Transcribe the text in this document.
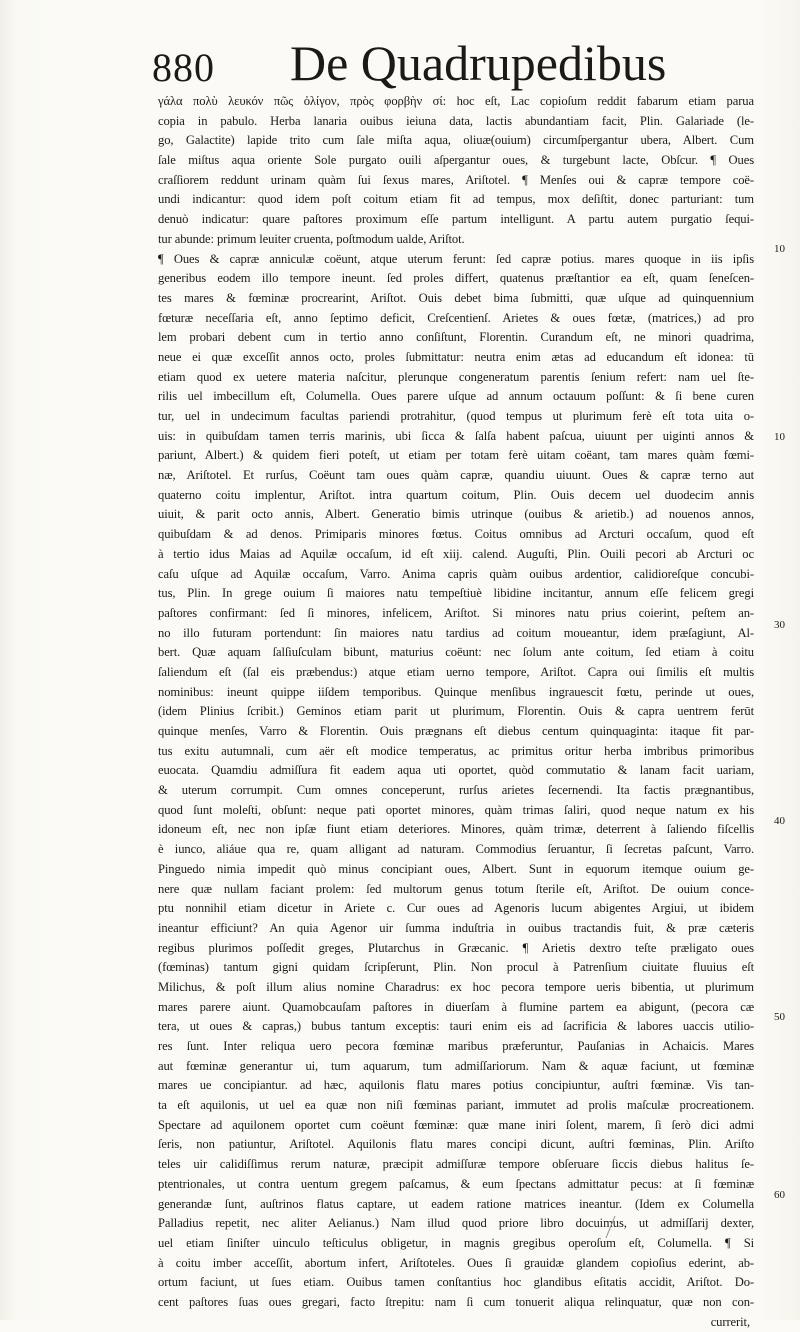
880 De Quadrupedibus
γάλα πολὺ λευκόν πῶς ὀλίγον, πρὸς φορβὴν σί: hoc eſt, Lac copioſum reddit fabarum etiam parua
copia in pabulo. Herba lanaria ouibus ieiuna data, lactis abundantiam facit, Plin. Galariade (le-
go, Galactite) lapide trito cum ſale miſta aqua, oliuæ(ouium) circumſpergantur ubera, Albert. Cum
ſale miſtus aqua oriente Sole purgato ouili aſpergantur oues, & turgebunt lacte, Obſcur. ¶ Oues
craſſiorem reddunt urinam quàm ſui ſexus mares, Ariſtotel. ¶ Menſes oui & capræ tempore coë-
undi indicantur: quod idem poſt coitum etiam fit ad tempus, mox deſiſtit, donec parturiant: tum
denuò indicatur: quare paſtores proximum eſſe partum intelligunt. A partu autem purgatio ſequi-
tur abunde: primum leuiter cruenta, poſtmodum ualde, Ariſtot.
¶ Oues & capræ anniculæ coëunt, atque uterum ferunt: ſed capræ potius. mares quoque in iis ipſis
generibus eodem illo tempore ineunt. ſed proles differt, quatenus præſtantior ea eſt, quam ſeneſcen-
tes mares & fœminæ procrearint, Ariſtot. Ouis debet bima ſubmitti, quæ uſque ad quinquennium
fœturæ neceſſaria eſt, anno ſeptimo deficit, Creſcentienſ. Arietes & oues fœtæ, (matrices,) ad pro
lem probari debent cum in tertio anno conſiſtunt, Florentin. Curandum eſt, ne minori quadrima,
neue ei quæ exceſſit annos octo, proles ſubmittatur: neutra enim ætas ad educandum eſt idonea: tū
etiam quod ex uetere materia naſcitur, plerunque congeneratum parentis ſenium refert: nam uel ſte-
rilis uel imbecillum eſt, Columella. Oues parere uſque ad annum octauum poſſunt: & ſi bene curen
tur, uel in undecimum facultas pariendi protrahitur, (quod tempus ut plurimum ferè eſt tota uita o-
uis: in quibuſdam tamen terris marinis, ubi ſicca & ſalſa habent paſcua, uiuunt per uiginti annos &
pariunt, Albert.) & quidem fieri poteſt, ut etiam per totam ferè uitam coëant, tam mares quàm fœmi-
næ, Ariſtotel. Et rurſus, Coëunt tam oues quàm capræ, quandiu uiuunt. Oues & capræ terno aut
quaterno coitu implentur, Ariſtot. intra quartum coitum, Plin. Ouis decem uel duodecim annis
uiuit, & parit octo annis, Albert. Generatio bimis utrinque (ouibus & arietib.) ad nouenos annos,
quibuſdam & ad denos. Primiparis minores fœtus. Coitus omnibus ad Arcturi occaſum, quod eſt
à tertio idus Maias ad Aquilæ occaſum, id eſt xiij. calend. Auguſti, Plin. Ouili pecori ab Arcturi oc
caſu uſque ad Aquilæ occaſum, Varro. Anima capris quàm ouibus ardentior, calidioreſque concubi-
tus, Plin. In grege ouium ſi maiores natu tempeſtiuè libidine incitantur, annum eſſe felicem gregi
paſtores confirmant: ſed ſi minores, infelicem, Ariſtot. Si minores natu prius coierint, peſtem an-
no illo futuram portendunt: ſin maiores natu tardius ad coitum moueantur, idem præſagiunt, Al-
bert. Quæ aquam ſalſiuſculam bibunt, maturius coëunt: nec ſolum ante coitum, ſed etiam à coitu
ſaliendum eſt (ſal eis præbendus:) atque etiam uerno tempore, Ariſtot. Capra oui ſimilis eſt multis
nominibus: ineunt quippe iiſdem temporibus. Quinque menſibus ingrauescit fœtu, perinde ut oues,
(idem Plinius ſcribit.) Geminos etiam parit ut plurimum, Florentin. Ouis & capra uentrem ferūt
quinque menſes, Varro & Florentin. Ouis prægnans eſt diebus centum quinquaginta: itaque fit par-
tus exitu autumnali, cum aër eſt modice temperatus, ac primitus oritur herba imbribus primoribus
euocata. Quamdiu admiſſura fit eadem aqua uti oportet, quòd commutatio & lanam facit uariam,
& uterum corrumpit. Cum omnes conceperunt, rurſus arietes ſecernendi. Ita factis prægnantibus,
quod ſunt moleſti, obſunt: neque pati oportet minores, quàm trimas ſaliri, quod neque natum ex his
idoneum eſt, nec non ipſæ fiunt etiam deteriores. Minores, quàm trimæ, deterrent à ſaliendo fiſcellis
è iunco, aliáue qua re, quam alligant ad naturam. Commodius ſeruantur, ſi ſecretas paſcunt, Varro.
Pinguedo nimia impedit quò minus concipiant oues, Albert. Sunt in equorum itemque ouium ge-
nere quæ nullam faciant prolem: ſed multorum genus totum ſterile eſt, Ariſtot. De ouium conce-
ptu nonnihil etiam dicetur in Ariete c. Cur oues ad Agenoris lucum abigentes Argiui, ut ibidem
ineantur efficiunt? An quia Agenor uir ſumma induſtria in ouibus tractandis fuit, & præ cæteris
regibus plurimos poſſedit greges, Plutarchus in Græcanic. ¶ Arietis dextro teſte præligato oues
(fœminas) tantum gigni quidam ſcripſerunt, Plin. Non procul à Patrenſium ciuitate fluuius eſt
Milichus, & poſt illum alius nomine Charadrus: ex hoc pecora tempore ueris bibentia, ut plurimum
mares parere aiunt. Quamobcauſam paſtores in diuerſam à flumine partem ea abigunt, (pecora cæ
tera, ut oues & capras,) bubus tantum exceptis: tauri enim eis ad ſacrificia & labores uaccis utilio-
res ſunt. Inter reliqua uero pecora fœminæ maribus præferuntur, Pauſanias in Achaicis. Mares
aut fœminæ generantur ui, tum aquarum, tum admiſſariorum. Nam & aquæ faciunt, ut fœminæ
mares ue concipiantur. ad hæc, aquilonis flatu mares potius concipiuntur, auſtri fœminæ. Vis tan-
ta eſt aquilonis, ut uel ea quæ non niſi fœminas pariant, immutet ad prolis maſculæ procreationem.
Spectare ad aquilonem oportet cum coëunt fœminæ: quæ mane iniri ſolent, marem, ſi ſerò dici admi
ſeris, non patiuntur, Ariſtotel. Aquilonis flatu mares concipi dicunt, auſtri fœminas, Plin. Ariſto
teles uir calidiſſimus rerum naturæ, præcipit admiſſuræ tempore obſeruare ſiccis diebus halitus ſe-
ptentrionales, ut contra uentum gregem paſcamus, & eum ſpectans admittatur pecus: at ſi fœminæ
generandæ ſunt, auſtrinos flatus captare, ut eadem ratione matrices ineantur. (Idem ex Columella
Palladius repetit, nec aliter Aelianus.) Nam illud quod priore libro docuimus, ut admiſſarij dexter,
uel etiam ſiniſter uinculo teſticulus obligetur, in magnis gregibus operoſum eſt, Columella. ¶ Si
à coitu imber acceſſit, abortum infert, Ariſtoteles. Oues ſi grauidæ glandem copioſius ederint, ab-
ortum faciunt, ut ſues etiam. Ouibus tamen conſtantius hoc glandibus eſitatis accidit, Ariſtot. Do-
cent paſtores ſuas oues gregari, facto ſtrepitu: nam ſi cum tonuerit aliqua relinquatur, quæ non con-
currerit,
10
10
30
40
50
60
